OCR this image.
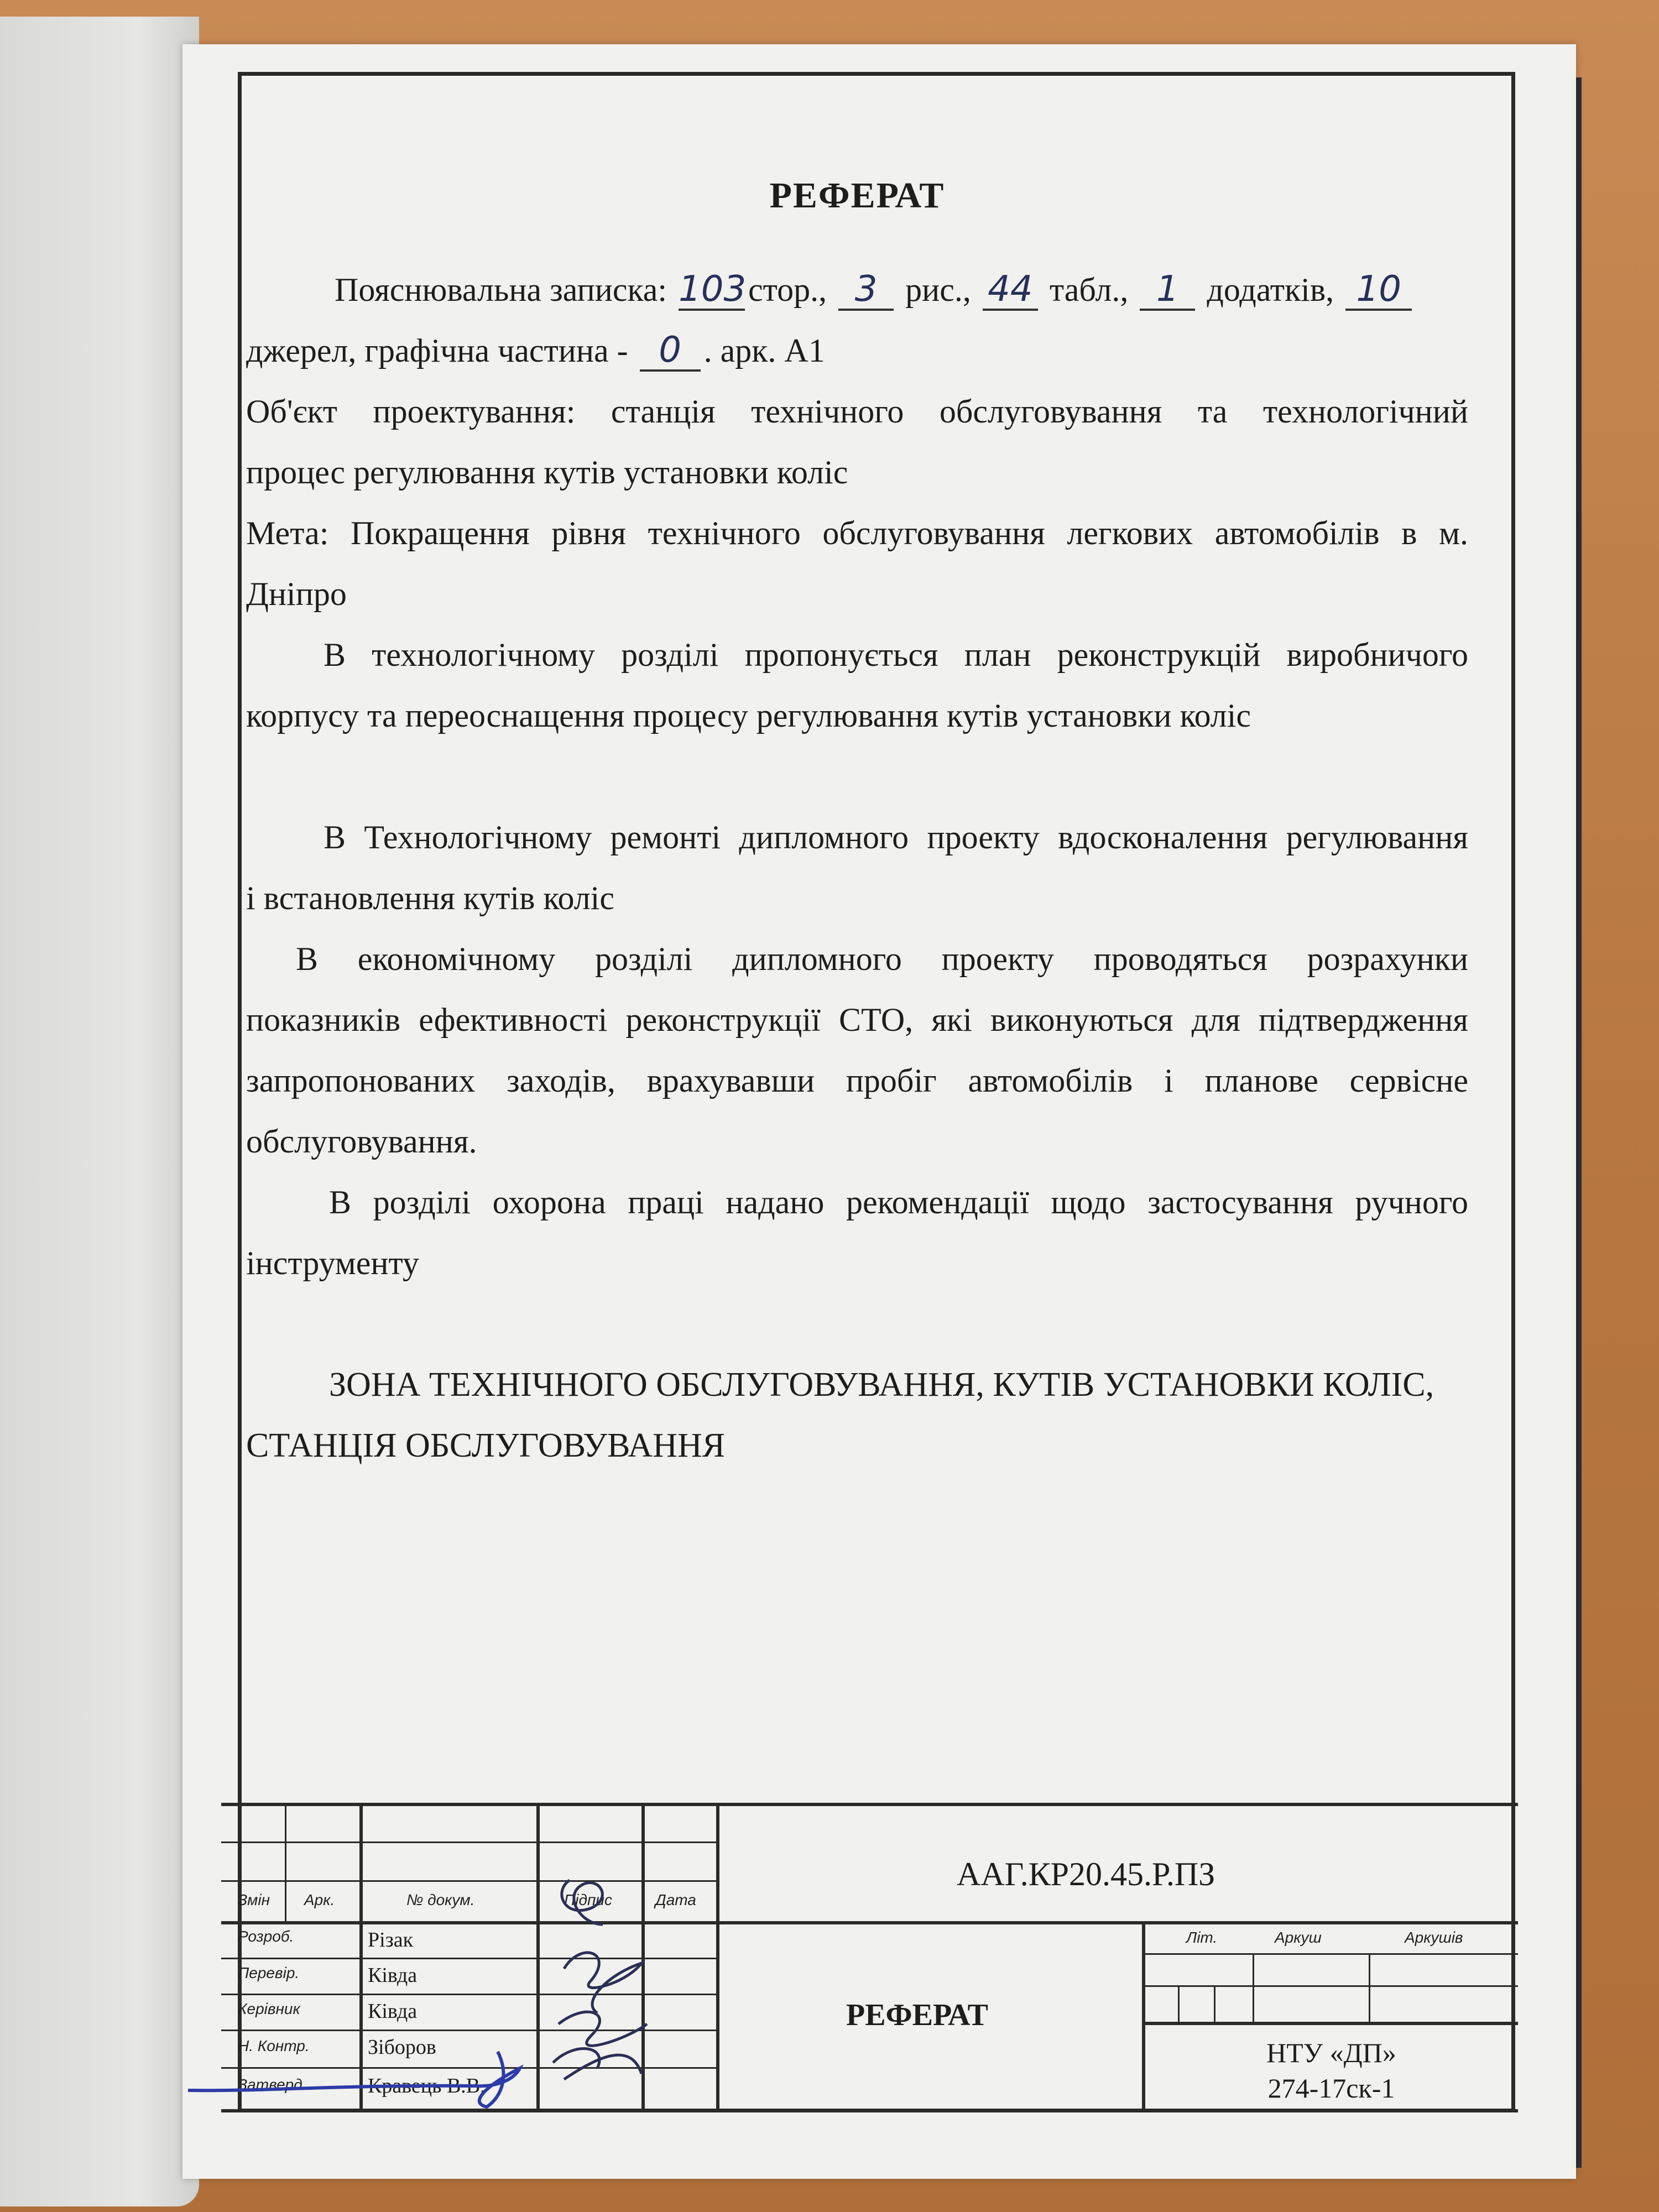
РЕФЕРАТ
Пояснювальна записка: 103стор., 3 рис., 44 табл., 1 додатків, 10
джерел, графічна частина - 0 . арк. А1
Об'єкт проектування: станція технічного обслуговування та технологічний
процес регулювання кутів установки коліс
Мета: Покращення рівня технічного обслуговування легкових автомобілів в м.
Дніпро
В технологічному розділі пропонується план реконструкцій виробничого
корпусу та переоснащення процесу регулювання кутів установки коліс
В Технологічному ремонті дипломного проекту вдосконалення регулювання
і встановлення кутів коліс
В економічному розділі дипломного проекту проводяться розрахунки
показників ефективності реконструкції СТО, які виконуються для підтвердження
запропонованих заходів, врахувавши пробіг автомобілів і планове сервісне
обслуговування.
В розділі охорона праці надано рекомендації щодо застосування ручного
інструменту
ЗОНА ТЕХНІЧНОГО ОБСЛУГОВУВАННЯ, КУТІВ УСТАНОВКИ КОЛІС,
СТАНЦІЯ ОБСЛУГОВУВАННЯ
Змін Арк.	№ докум.	Підпис	Дата
Літ.	Аркуш	Аркушів
Розроб.	Різак
Перевір.	Ківда
Керівник	Ківда
Н. Контр.	Зіборов
Затверд.	Кравець В.В.
ААГ.КР20.45.Р.ПЗ
РЕФЕРАТ
НТУ «ДП»
274-17ск-1
